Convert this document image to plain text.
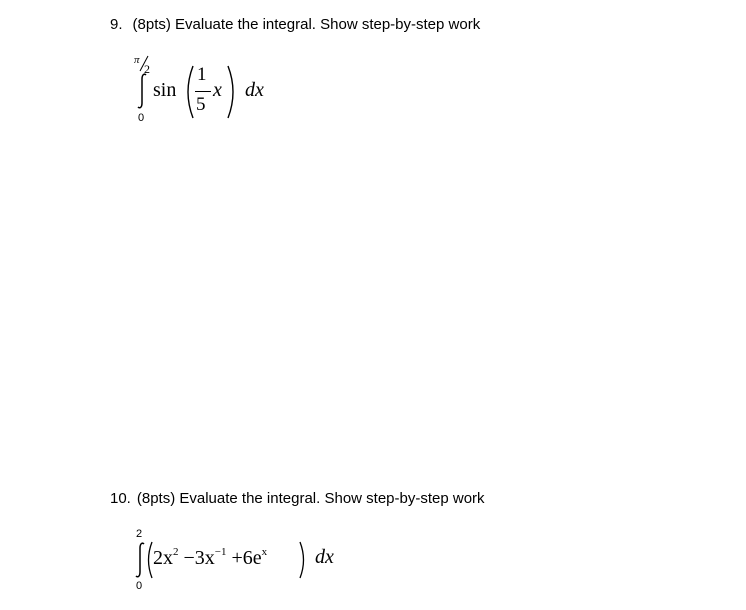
9. (8pts) Evaluate the integral. Show step-by-step work
π
2
0
sin
1
5
x dx
10. (8pts) Evaluate the integral. Show step-by-step work
2
0
$2x^2 -3x^{-1} +6e^x$ dx
